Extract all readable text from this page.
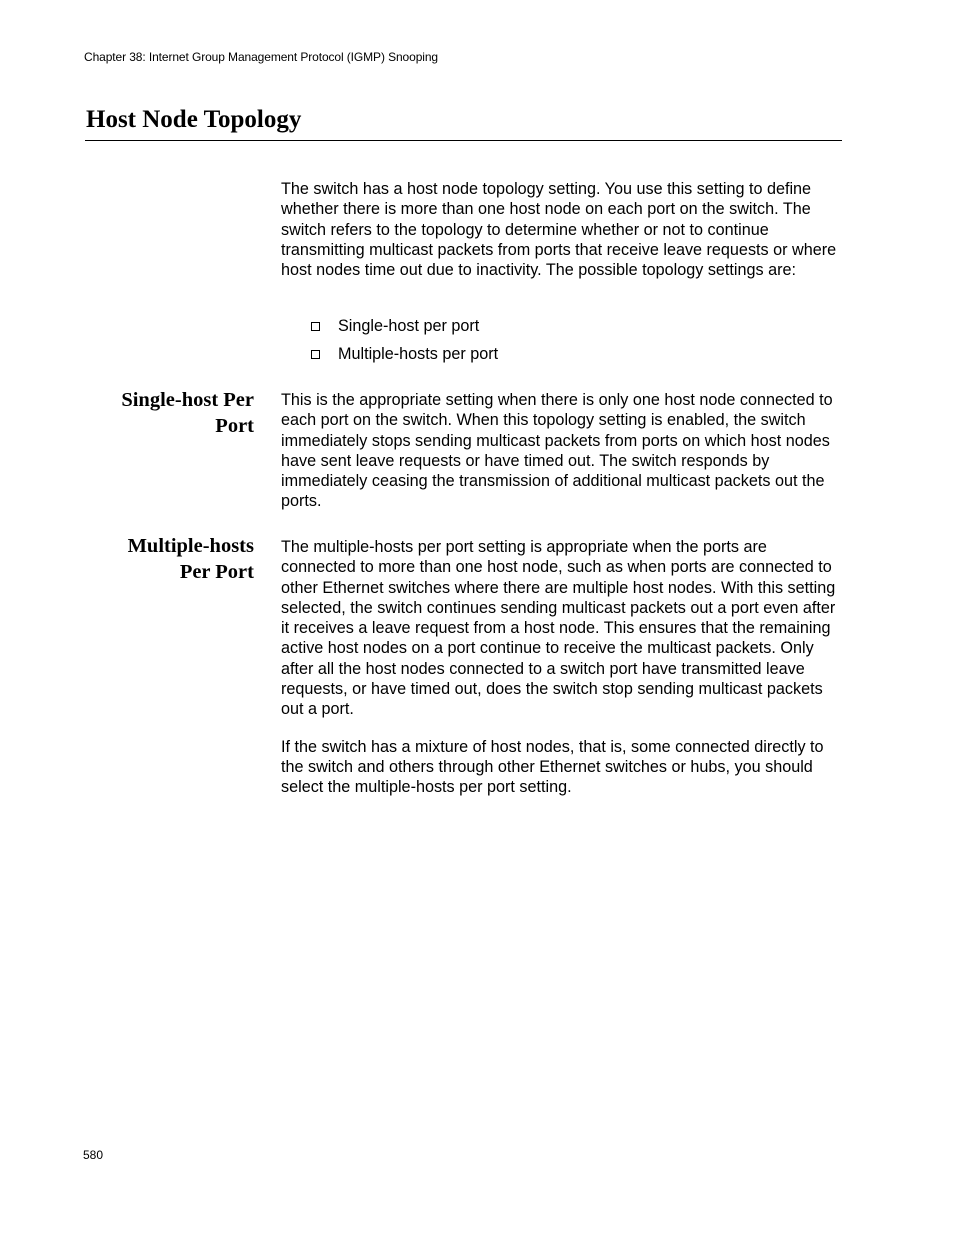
Chapter 38: Internet Group Management Protocol (IGMP) Snooping
Host Node Topology

The switch has a host node topology setting. You use this setting to define whether there is more than one host node on each port on the switch. The switch refers to the topology to determine whether or not to continue transmitting multicast packets from ports that receive leave requests or where host nodes time out due to inactivity. The possible topology settings are:

Single-host per port
Multiple-hosts per port
Single-host Per
Port

This is the appropriate setting when there is only one host node connected to each port on the switch. When this topology setting is enabled, the switch immediately stops sending multicast packets from ports on which host nodes have sent leave requests or have timed out. The switch responds by immediately ceasing the transmission of additional multicast packets out the ports.

Multiple-hosts
Per Port

The multiple-hosts per port setting is appropriate when the ports are connected to more than one host node, such as when ports are connected to other Ethernet switches where there are multiple host nodes. With this setting selected, the switch continues sending multicast packets out a port even after it receives a leave request from a host node. This ensures that the remaining active host nodes on a port continue to receive the multicast packets. Only after all the host nodes connected to a switch port have transmitted leave requests, or have timed out, does the switch stop sending multicast packets out a port.

If the switch has a mixture of host nodes, that is, some connected directly to the switch and others through other Ethernet switches or hubs, you should select the multiple-hosts per port setting.

580
